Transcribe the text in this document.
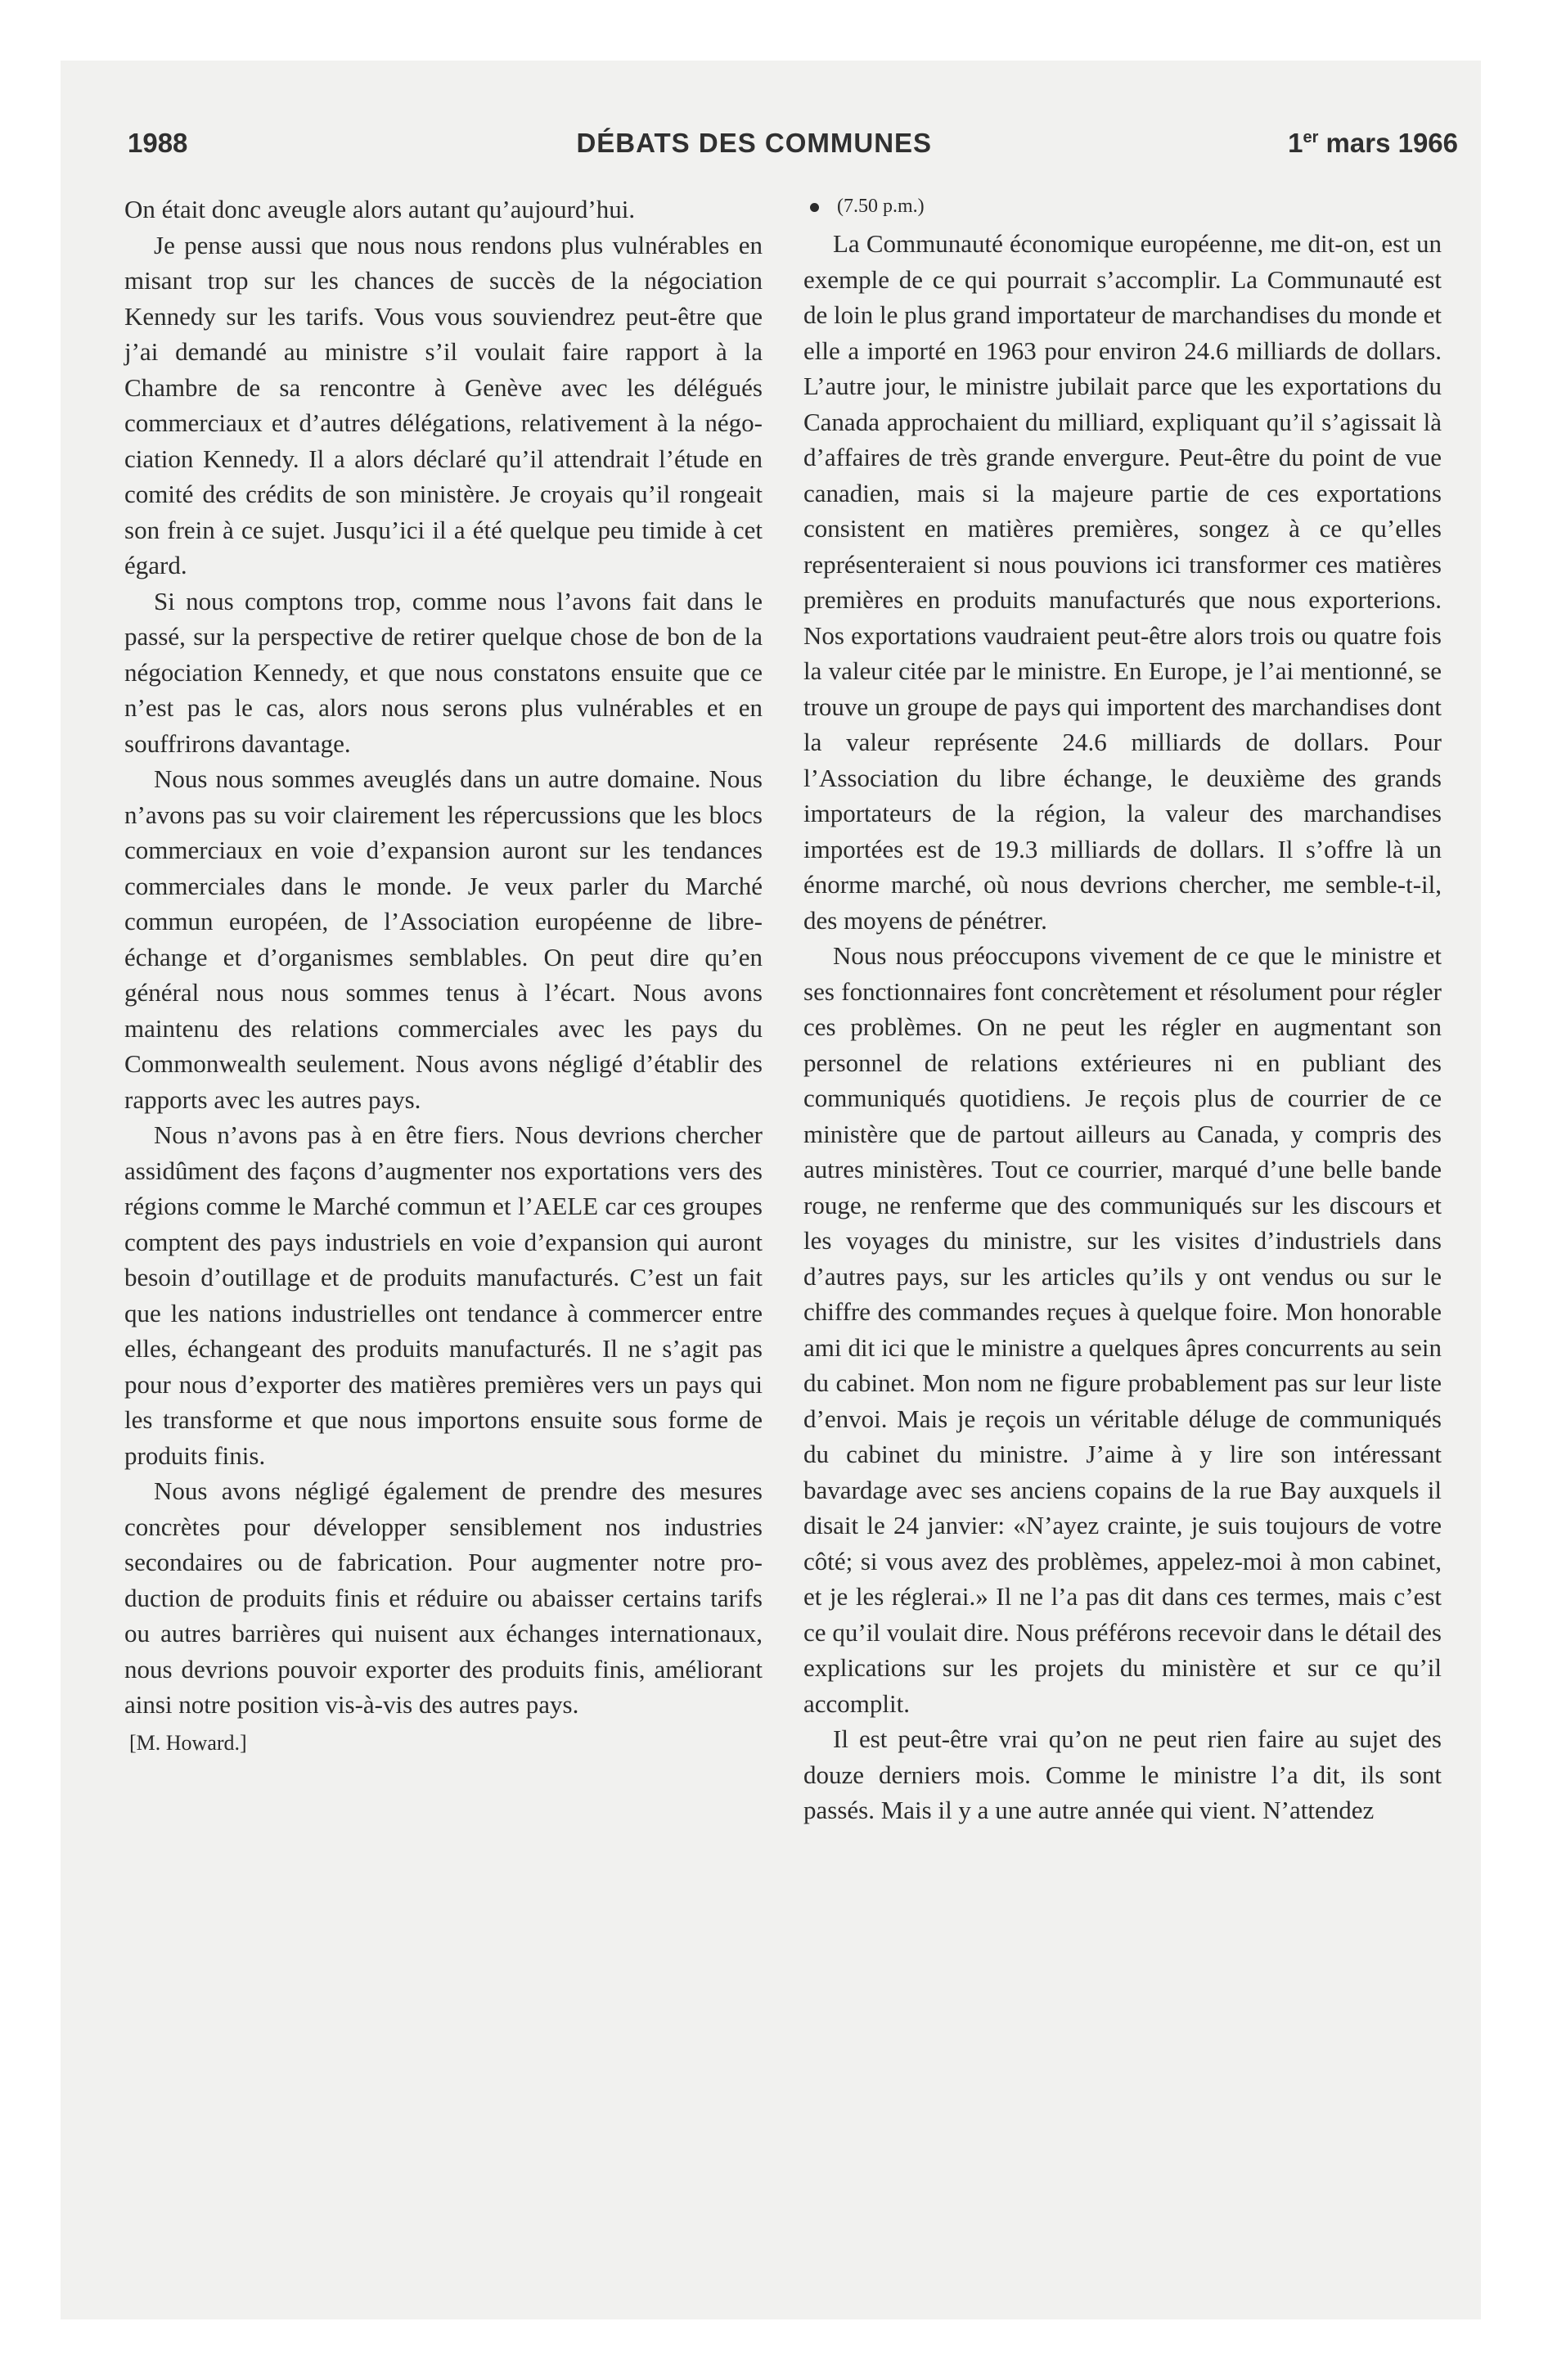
1988	DÉBATS DES COMMUNES	1er mars 1966

On était donc aveugle alors autant qu’aujourd’hui.

Je pense aussi que nous nous rendons plus vulnérables en misant trop sur les chances de succès de la négociation Kennedy sur les tarifs. Vous vous souviendrez peut-être que j’ai demandé au ministre s’il voulait faire rapport à la Chambre de sa rencontre à Genève avec les délégués commerciaux et d’autres délégations, relativement à la négociation Kennedy. Il a alors déclaré qu’il attendrait l’étude en comité des crédits de son ministère. Je croyais qu’il rongeait son frein à ce sujet. Jusqu’ici il a été quelque peu timide à cet égard.

Si nous comptons trop, comme nous l’avons fait dans le passé, sur la perspective de retirer quelque chose de bon de la négociation Kennedy, et que nous constatons ensuite que ce n’est pas le cas, alors nous serons plus vulnérables et en souffrirons davantage.

Nous nous sommes aveuglés dans un autre domaine. Nous n’avons pas su voir clairement les répercussions que les blocs commerciaux en voie d’expansion auront sur les tendances commerciales dans le monde. Je veux parler du Marché commun européen, de l’Association européenne de libre-échange et d’organismes semblables. On peut dire qu’en général nous nous sommes tenus à l’écart. Nous avons maintenu des relations commerciales avec les pays du Commonwealth seulement. Nous avons négligé d’établir des rapports avec les autres pays.

Nous n’avons pas à en être fiers. Nous devrions chercher assidûment des façons d’augmenter nos exportations vers des régions comme le Marché commun et l’AELE car ces groupes comptent des pays industriels en voie d’expansion qui auront besoin d’outillage et de produits manufacturés. C’est un fait que les nations industrielles ont tendance à commercer entre elles, échangeant des produits manufacturés. Il ne s’agit pas pour nous d’exporter des matières premières vers un pays qui les transforme et que nous importons ensuite sous forme de produits finis.

Nous avons négligé également de prendre des mesures concrètes pour développer sensiblement nos industries secondaires ou de fabrication. Pour augmenter notre production de produits finis et réduire ou abaisser certains tarifs ou autres barrières qui nuisent aux échanges internationaux, nous devrions pouvoir exporter des produits finis, améliorant ainsi notre position vis-à-vis des autres pays.

[M. Howard.]
(7.50 p.m.)

La Communauté économique européenne, me dit-on, est un exemple de ce qui pourrait s’accomplir. La Communauté est de loin le plus grand importateur de marchandises du monde et elle a importé en 1963 pour environ 24.6 milliards de dollars. L’autre jour, le ministre jubilait parce que les exportations du Canada approchaient du milliard, expliquant qu’il s’agissait là d’affaires de très grande envergure. Peut-être du point de vue canadien, mais si la majeure partie de ces exportations consistent en matières premières, songez à ce qu’elles représenteraient si nous pouvions ici transformer ces matières premières en produits manufacturés que nous exporterions. Nos exportations vaudraient peut-être alors trois ou quatre fois la valeur citée par le ministre. En Europe, je l’ai mentionné, se trouve un groupe de pays qui importent des marchandises dont la valeur représente 24.6 milliards de dollars. Pour l’Association du libre échange, le deuxième des grands importateurs de la région, la valeur des marchandises importées est de 19.3 milliards de dollars. Il s’offre là un énorme marché, où nous devrions chercher, me semble-t-il, des moyens de pénétrer.

Nous nous préoccupons vivement de ce que le ministre et ses fonctionnaires font concrètement et résolument pour régler ces problèmes. On ne peut les régler en augmentant son personnel de relations extérieures ni en publiant des communiqués quotidiens. Je reçois plus de courrier de ce ministère que de partout ailleurs au Canada, y compris des autres ministères. Tout ce courrier, marqué d’une belle bande rouge, ne renferme que des communiqués sur les discours et les voyages du ministre, sur les visites d’industriels dans d’autres pays, sur les articles qu’ils y ont vendus ou sur le chiffre des commandes reçues à quelque foire. Mon honorable ami dit ici que le ministre a quelques âpres concurrents au sein du cabinet. Mon nom ne figure probablement pas sur leur liste d’envoi. Mais je reçois un véritable déluge de communiqués du cabinet du ministre. J’aime à y lire son intéressant bavardage avec ses anciens copains de la rue Bay auxquels il disait le 24 janvier: «N’ayez crainte, je suis toujours de votre côté; si vous avez des problèmes, appelez-moi à mon cabinet, et je les réglerai.» Il ne l’a pas dit dans ces termes, mais c’est ce qu’il voulait dire. Nous préférons recevoir dans le détail des explications sur les projets du ministère et sur ce qu’il accomplit.

Il est peut-être vrai qu’on ne peut rien faire au sujet des douze derniers mois. Comme le ministre l’a dit, ils sont passés. Mais il y a une autre année qui vient. N’attendez
